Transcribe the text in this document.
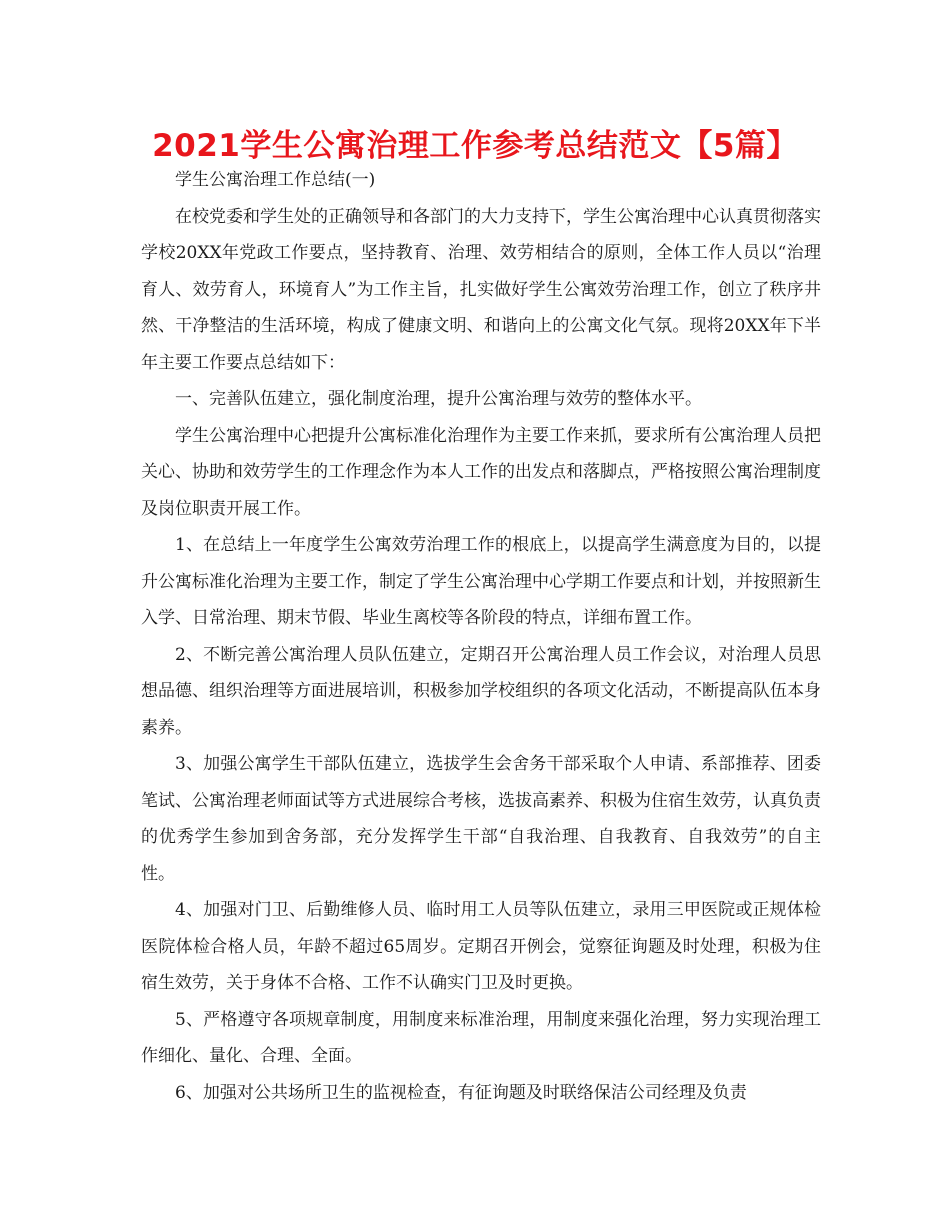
2021学生公寓治理工作参考总结范文【5篇】

学生公寓治理工作总结(一)

在校党委和学生处的正确领导和各部门的大力支持下，学生公寓治理中心认真贯彻落实学校20XX年党政工作要点，坚持教育、治理、效劳相结合的原则，全体工作人员以“治理育人、效劳育人，环境育人”为工作主旨，扎实做好学生公寓效劳治理工作，创立了秩序井然、干净整洁的生活环境，构成了健康文明、和谐向上的公寓文化气氛。现将20XX年下半年主要工作要点总结如下：

一、完善队伍建立，强化制度治理，提升公寓治理与效劳的整体水平。

学生公寓治理中心把提升公寓标准化治理作为主要工作来抓，要求所有公寓治理人员把关心、协助和效劳学生的工作理念作为本人工作的出发点和落脚点，严格按照公寓治理制度及岗位职责开展工作。

1、在总结上一年度学生公寓效劳治理工作的根底上，以提高学生满意度为目的，以提升公寓标准化治理为主要工作，制定了学生公寓治理中心学期工作要点和计划，并按照新生入学、日常治理、期末节假、毕业生离校等各阶段的特点，详细布置工作。

2、不断完善公寓治理人员队伍建立，定期召开公寓治理人员工作会议，对治理人员思想品德、组织治理等方面进展培训，积极参加学校组织的各项文化活动，不断提高队伍本身素养。

3、加强公寓学生干部队伍建立，选拔学生会舍务干部采取个人申请、系部推荐、团委笔试、公寓治理老师面试等方式进展综合考核，选拔高素养、积极为住宿生效劳，认真负责的优秀学生参加到舍务部，充分发挥学生干部“自我治理、自我教育、自我效劳”的自主性。

4、加强对门卫、后勤维修人员、临时用工人员等队伍建立，录用三甲医院或正规体检医院体检合格人员，年龄不超过65周岁。定期召开例会，觉察征询题及时处理，积极为住宿生效劳，关于身体不合格、工作不认确实门卫及时更换。

5、严格遵守各项规章制度，用制度来标准治理，用制度来强化治理，努力实现治理工作细化、量化、合理、全面。

6、加强对公共场所卫生的监视检查，有征询题及时联络保洁公司经理及负责
